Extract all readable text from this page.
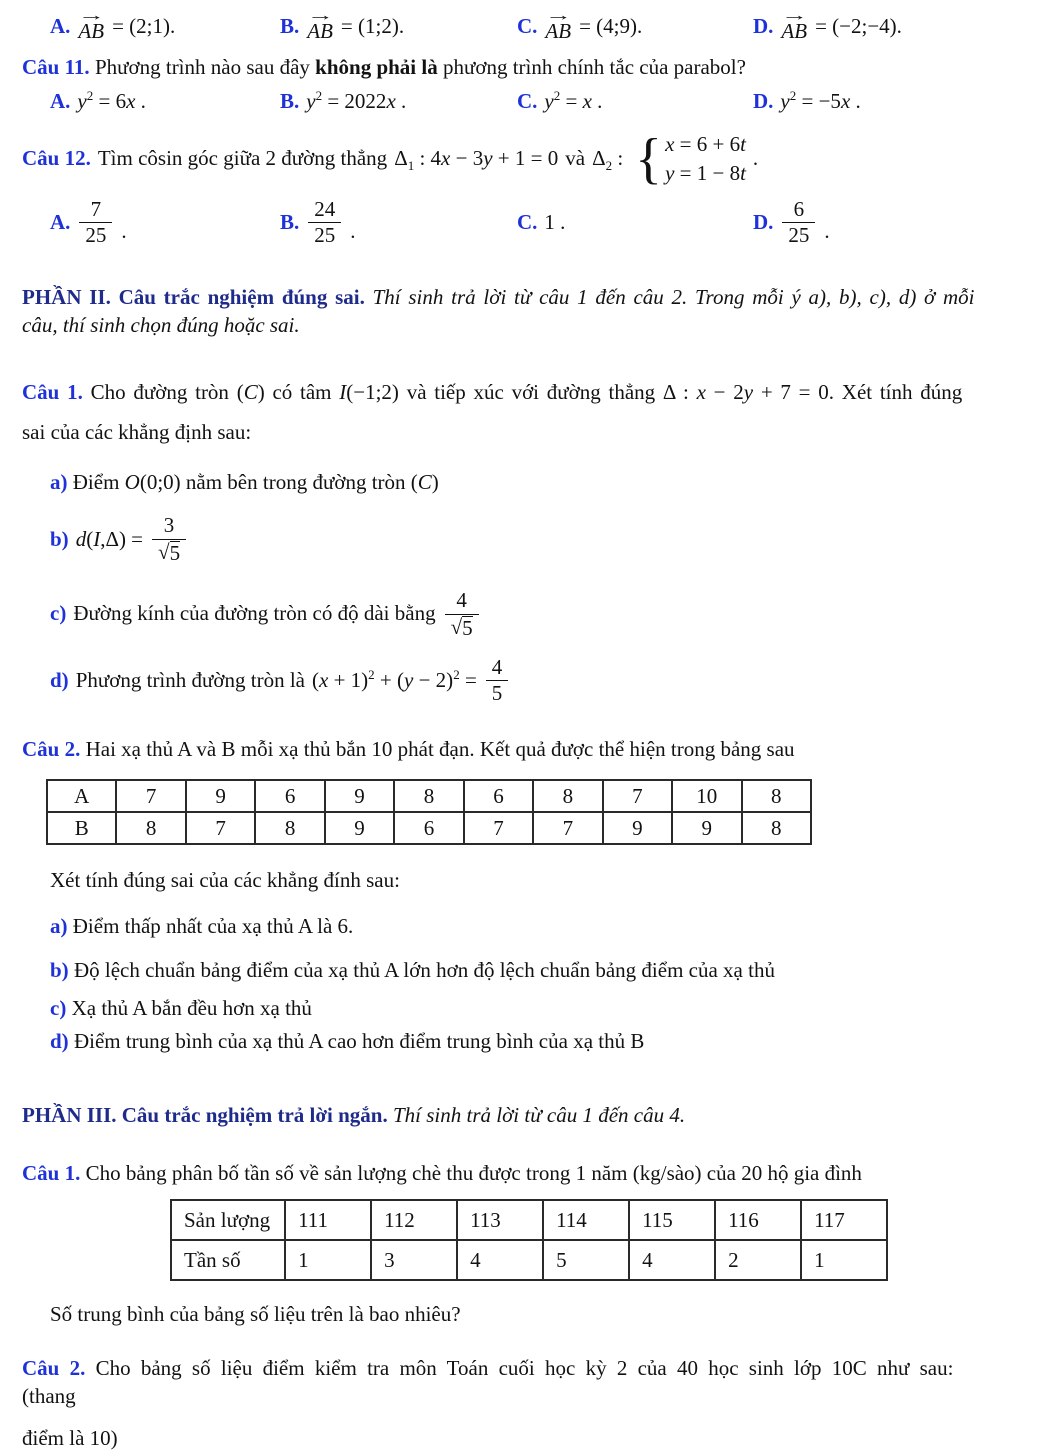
A. →
AB = (2;1).	B. →
AB = (1;2).	C. →
AB = (4;9).	D. →
AB = (−2;−4).
Câu 11. Phương trình nào sau đây không phải là phương trình chính tắc của parabol?
A. $y^2 = 6x$ .	B. $y^2 = 2022x$ .	C. $y^2 = x$ .	D. $y^2 = -5x$ .
Câu 12. Tìm côsin góc giữa 2 đường thẳng $\Delta_1$ : 4x − 3y + 1 = 0 và $\Delta_2$ : { x = 6 + 6t
y = 1 − 8t
.
A. $\frac{7}{25}$ .	B. $\frac{24}{25}$ .	C. 1 .	D. $\frac{6}{25}$ .
PHẦN II. Câu trắc nghiệm đúng sai. Thí sinh trả lời từ câu 1 đến câu 2. Trong mỗi ý a), b), c), d) ở mỗi
câu, thí sinh chọn đúng hoặc sai.
Câu 1. Cho đường tròn (C) có tâm I(−1;2) và tiếp xúc với đường thẳng Δ : x − 2y + 7 = 0. Xét tính đúng
sai của các khẳng định sau:
a) Điểm O(0;0) nằm bên trong đường tròn (C)
b) $d(I,\Delta) = \frac{3}{√ 5}$
c) Đường kính của đường tròn có độ dài bằng $\frac{4}{√ 5}$
d) Phương trình đường tròn là $(x + 1)^2 + (y - 2)^2 = \frac{4}{5}$
Câu 2. Hai xạ thủ A và B mỗi xạ thủ bắn 10 phát đạn. Kết quả được thể hiện trong bảng sau
A	7	9	6	9	8	6	8	7	10	8
B	8	7	8	9	6	7	7	9	9	8
Xét tính đúng sai của các khẳng đính sau:
a) Điểm thấp nhất của xạ thủ A là 6.
b) Độ lệch chuẩn bảng điểm của xạ thủ A lớn hơn độ lệch chuẩn bảng điểm của xạ thủ
c) Xạ thủ A bắn đều hơn xạ thủ
d) Điểm trung bình của xạ thủ A cao hơn điểm trung bình của xạ thủ B
PHẦN III. Câu trắc nghiệm trả lời ngắn. Thí sinh trả lời từ câu 1 đến câu 4.
Câu 1. Cho bảng phân bố tần số về sản lượng chè thu được trong 1 năm (kg/sào) của 20 hộ gia đình
Sản lượng	111	112	113	114	115	116	117
Tần số	1	3	4	5	4	2	1
Số trung bình của bảng số liệu trên là bao nhiêu?
Câu 2. Cho bảng số liệu điểm kiểm tra môn Toán cuối học kỳ 2 của 40 học sinh lớp 10C như sau: (thang
điểm là 10)
